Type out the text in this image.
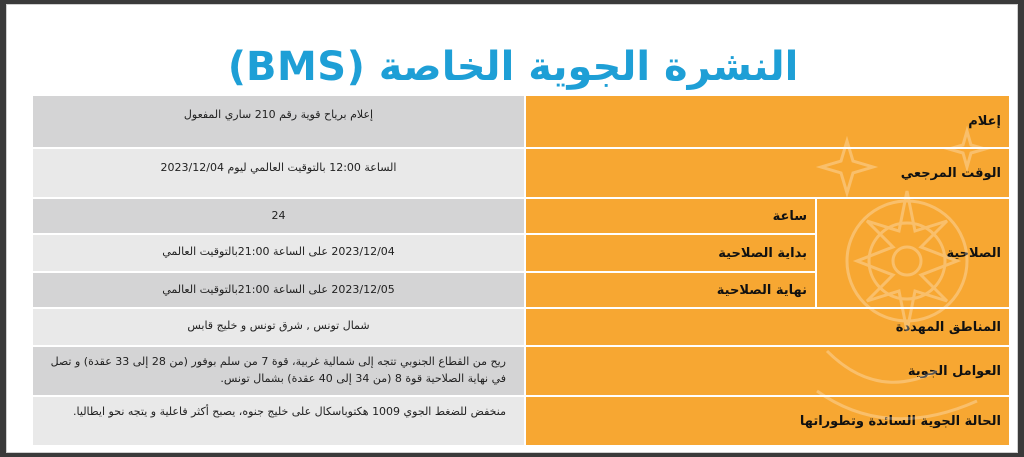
النشرة الجوية الخاصة (BMS)
إعلام		إعلام برياح قوية رقم 210 ساري المفعول
الوقت المرجعي		الساعة 12:00 بالتوقيت العالمي ليوم 2023/12/04
الصلاحية	ساعة	24
	بداية الصلاحية	2023/12/04 على الساعة 21:00بالتوقيت العالمي
	نهاية الصلاحية	2023/12/05 على الساعة 21:00بالتوقيت العالمي
المناطق المهددة		شمال تونس , شرق تونس و خليج قابس
العوامل الجوية		ريح من القطاع الجنوبي تتجه إلى شمالية غربية، قوة 7 من سلم بوفور (من 28 إلى 33 عقدة) و تصل في نهاية الصلاحية قوة 8 (من 34 إلى 40 عقدة) بشمال تونس.
الحالة الجوية السائدة وتطوراتها		منخفض للضغط الجوي 1009 هكتوباسكال على خليج جنوه، يصبح أكثر فاعلية و يتجه نحو ايطاليا.
